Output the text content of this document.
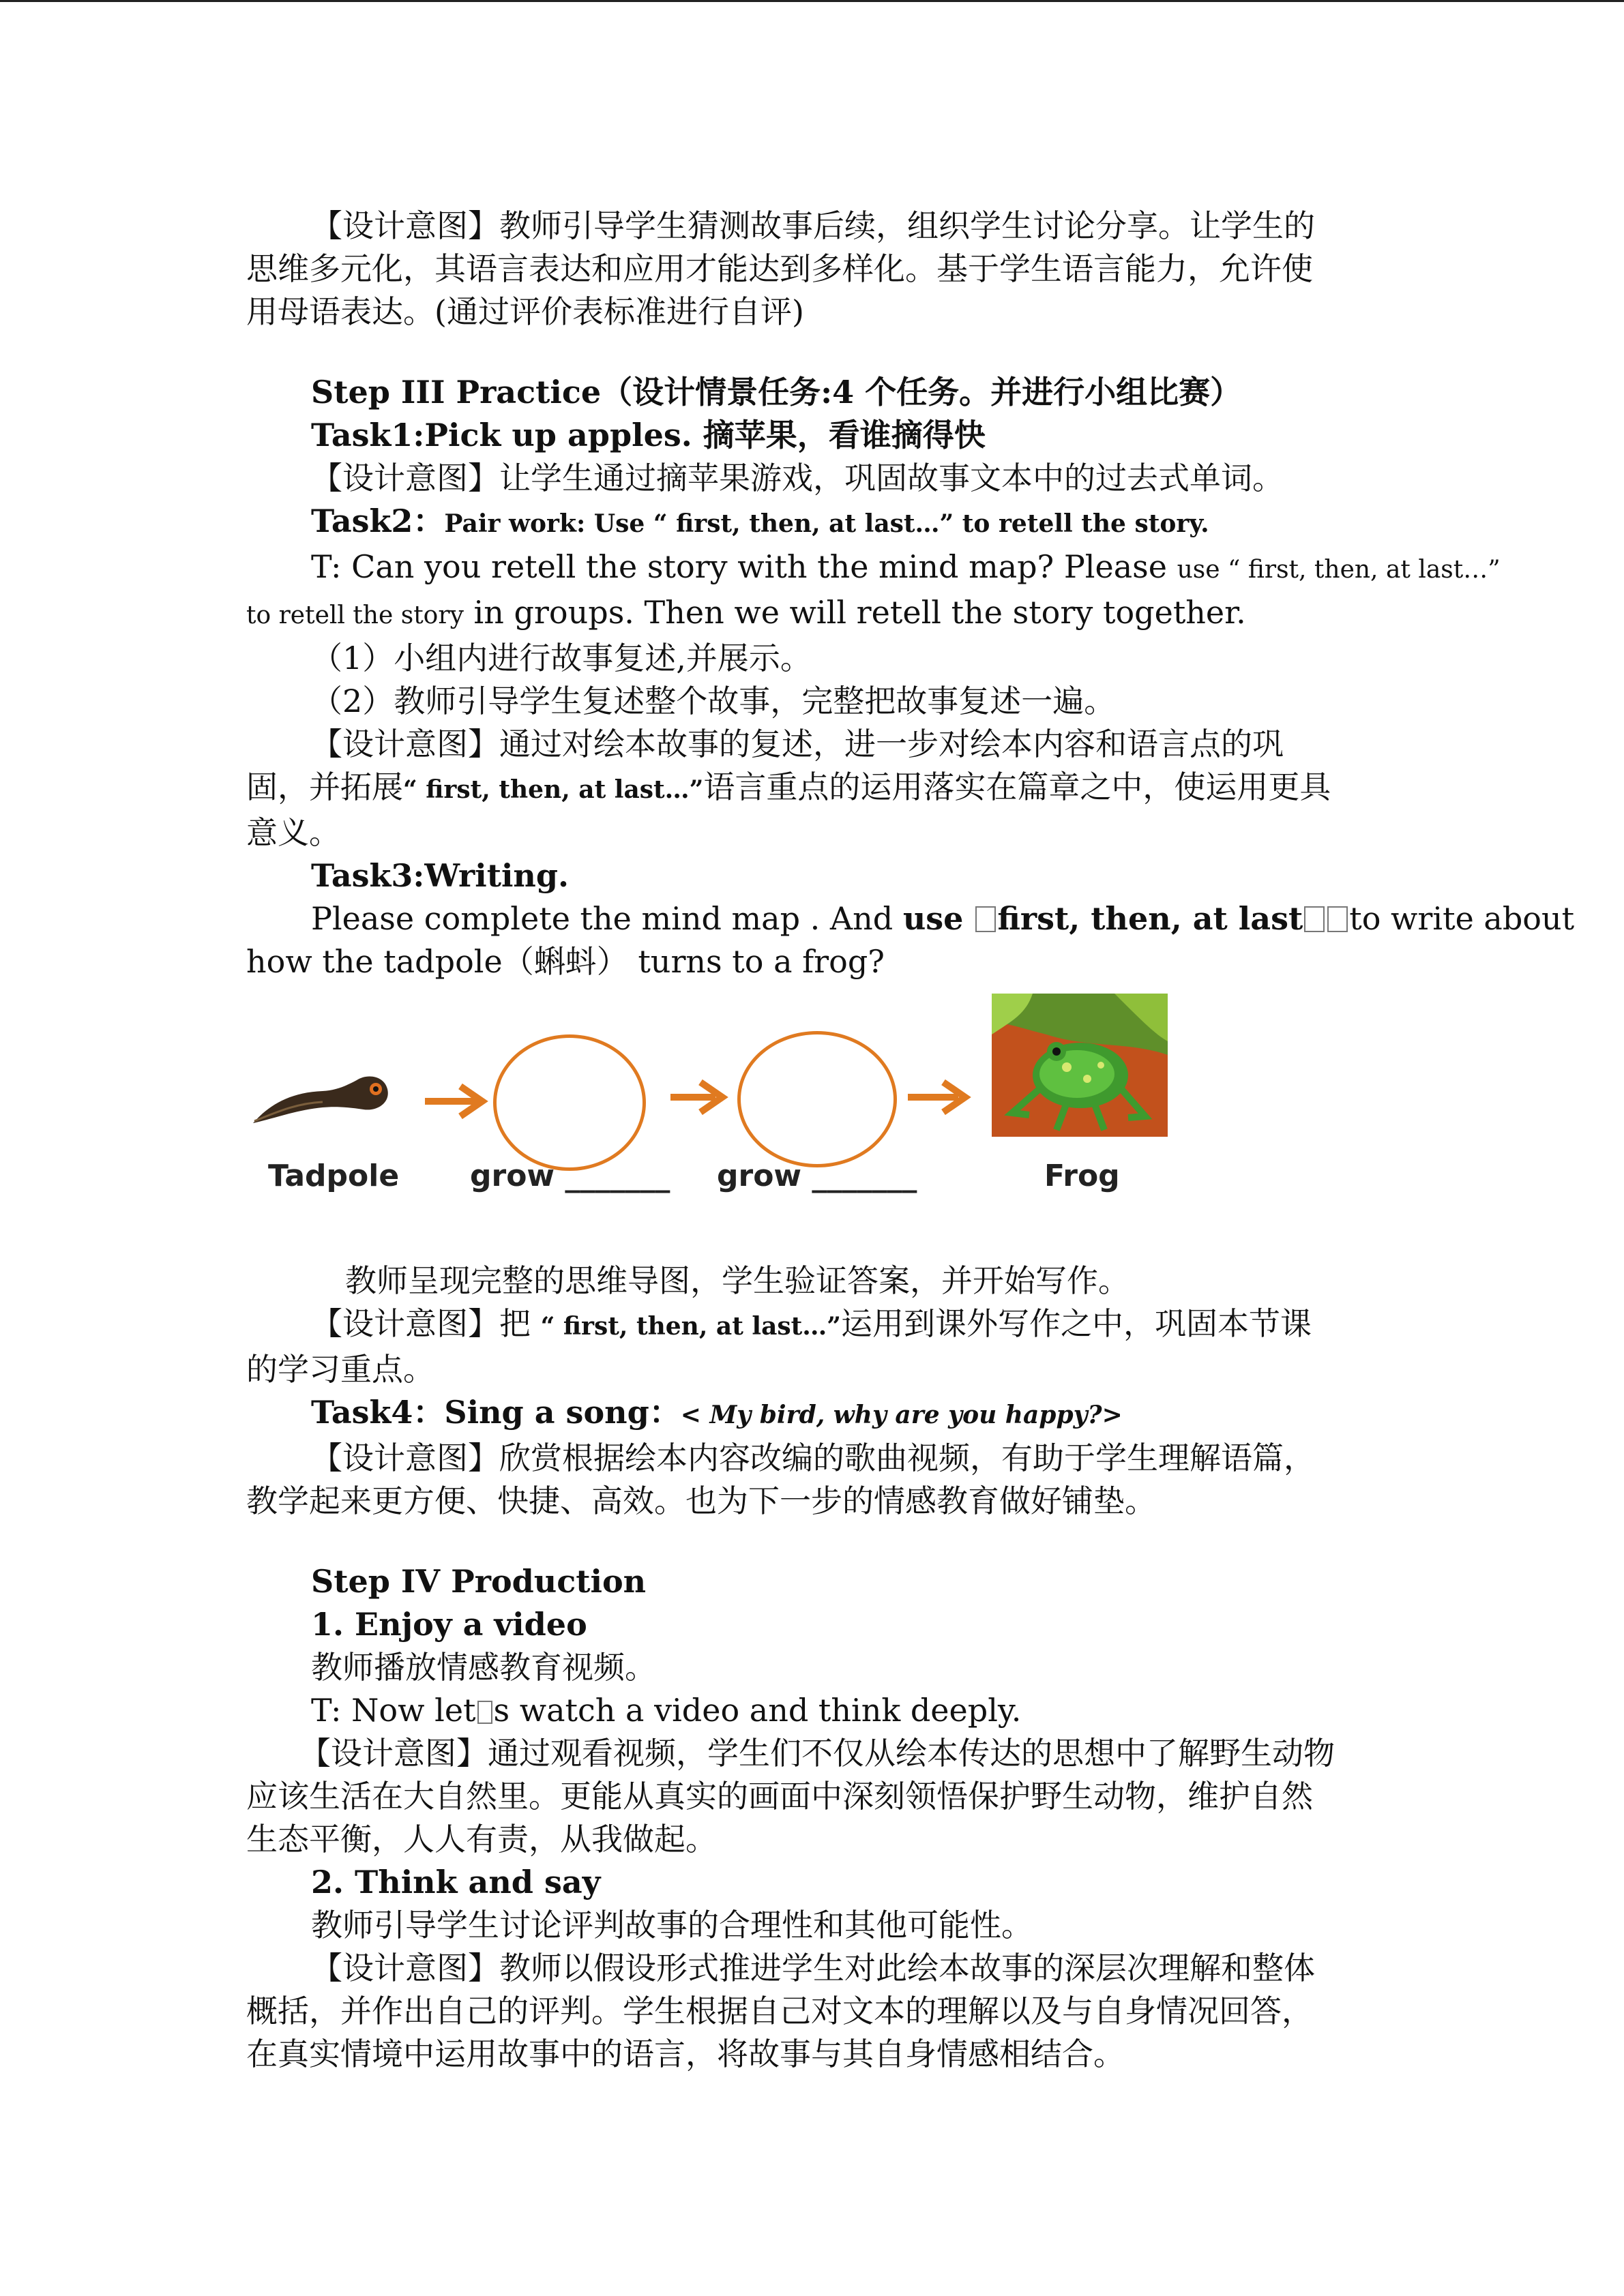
【设计意图】教师引导学生猜测故事后续，组织学生讨论分享。让学生的

思维多元化，其语言表达和应用才能达到多样化。基于学生语言能力，允许使

用母语表达。(通过评价表标准进行自评)

Step III Practice（设计情景任务:4 个任务。并进行小组比赛）

Task1:Pick up apples. 摘苹果，看谁摘得快

【设计意图】让学生通过摘苹果游戏，巩固故事文本中的过去式单词。

Task2：Pair work: Use “ first, then, at last…” to retell the story.

T: Can you retell the story with the mind map? Please use “ first, then, at last…”

to retell the story in groups. Then we will retell the story together.

（1）小组内进行故事复述,并展示。

（2）教师引导学生复述整个故事，完整把故事复述一遍。

【设计意图】通过对绘本故事的复述，进一步对绘本内容和语言点的巩

固，并拓展“ first, then, at last…”语言重点的运用落实在篇章之中，使运用更具

意义。

Task3:Writing.

Please complete the mind map . And use first, then, at last to write about

how the tadpole（蝌蚪） turns to a frog?

Tadpole grow _______ grow _______	Frog

教师呈现完整的思维导图，学生验证答案，并开始写作。

【设计意图】把 “ first, then, at last…”运用到课外写作之中，巩固本节课

的学习重点。

Task4：Sing a song：< My bird, why are you happy?>

【设计意图】欣赏根据绘本内容改编的歌曲视频，有助于学生理解语篇，

教学起来更方便、快捷、高效。也为下一步的情感教育做好铺垫。

Step IV Production

1. Enjoy a video

教师播放情感教育视频。

T: Now let s watch a video and think deeply.

【设计意图】通过观看视频，学生们不仅从绘本传达的思想中了解野生动物

应该生活在大自然里。更能从真实的画面中深刻领悟保护野生动物，维护自然

生态平衡，人人有责，从我做起。

2. Think and say

教师引导学生讨论评判故事的合理性和其他可能性。

【设计意图】教师以假设形式推进学生对此绘本故事的深层次理解和整体

概括，并作出自己的评判。学生根据自己对文本的理解以及与自身情况回答，

在真实情境中运用故事中的语言，将故事与其自身情感相结合。
